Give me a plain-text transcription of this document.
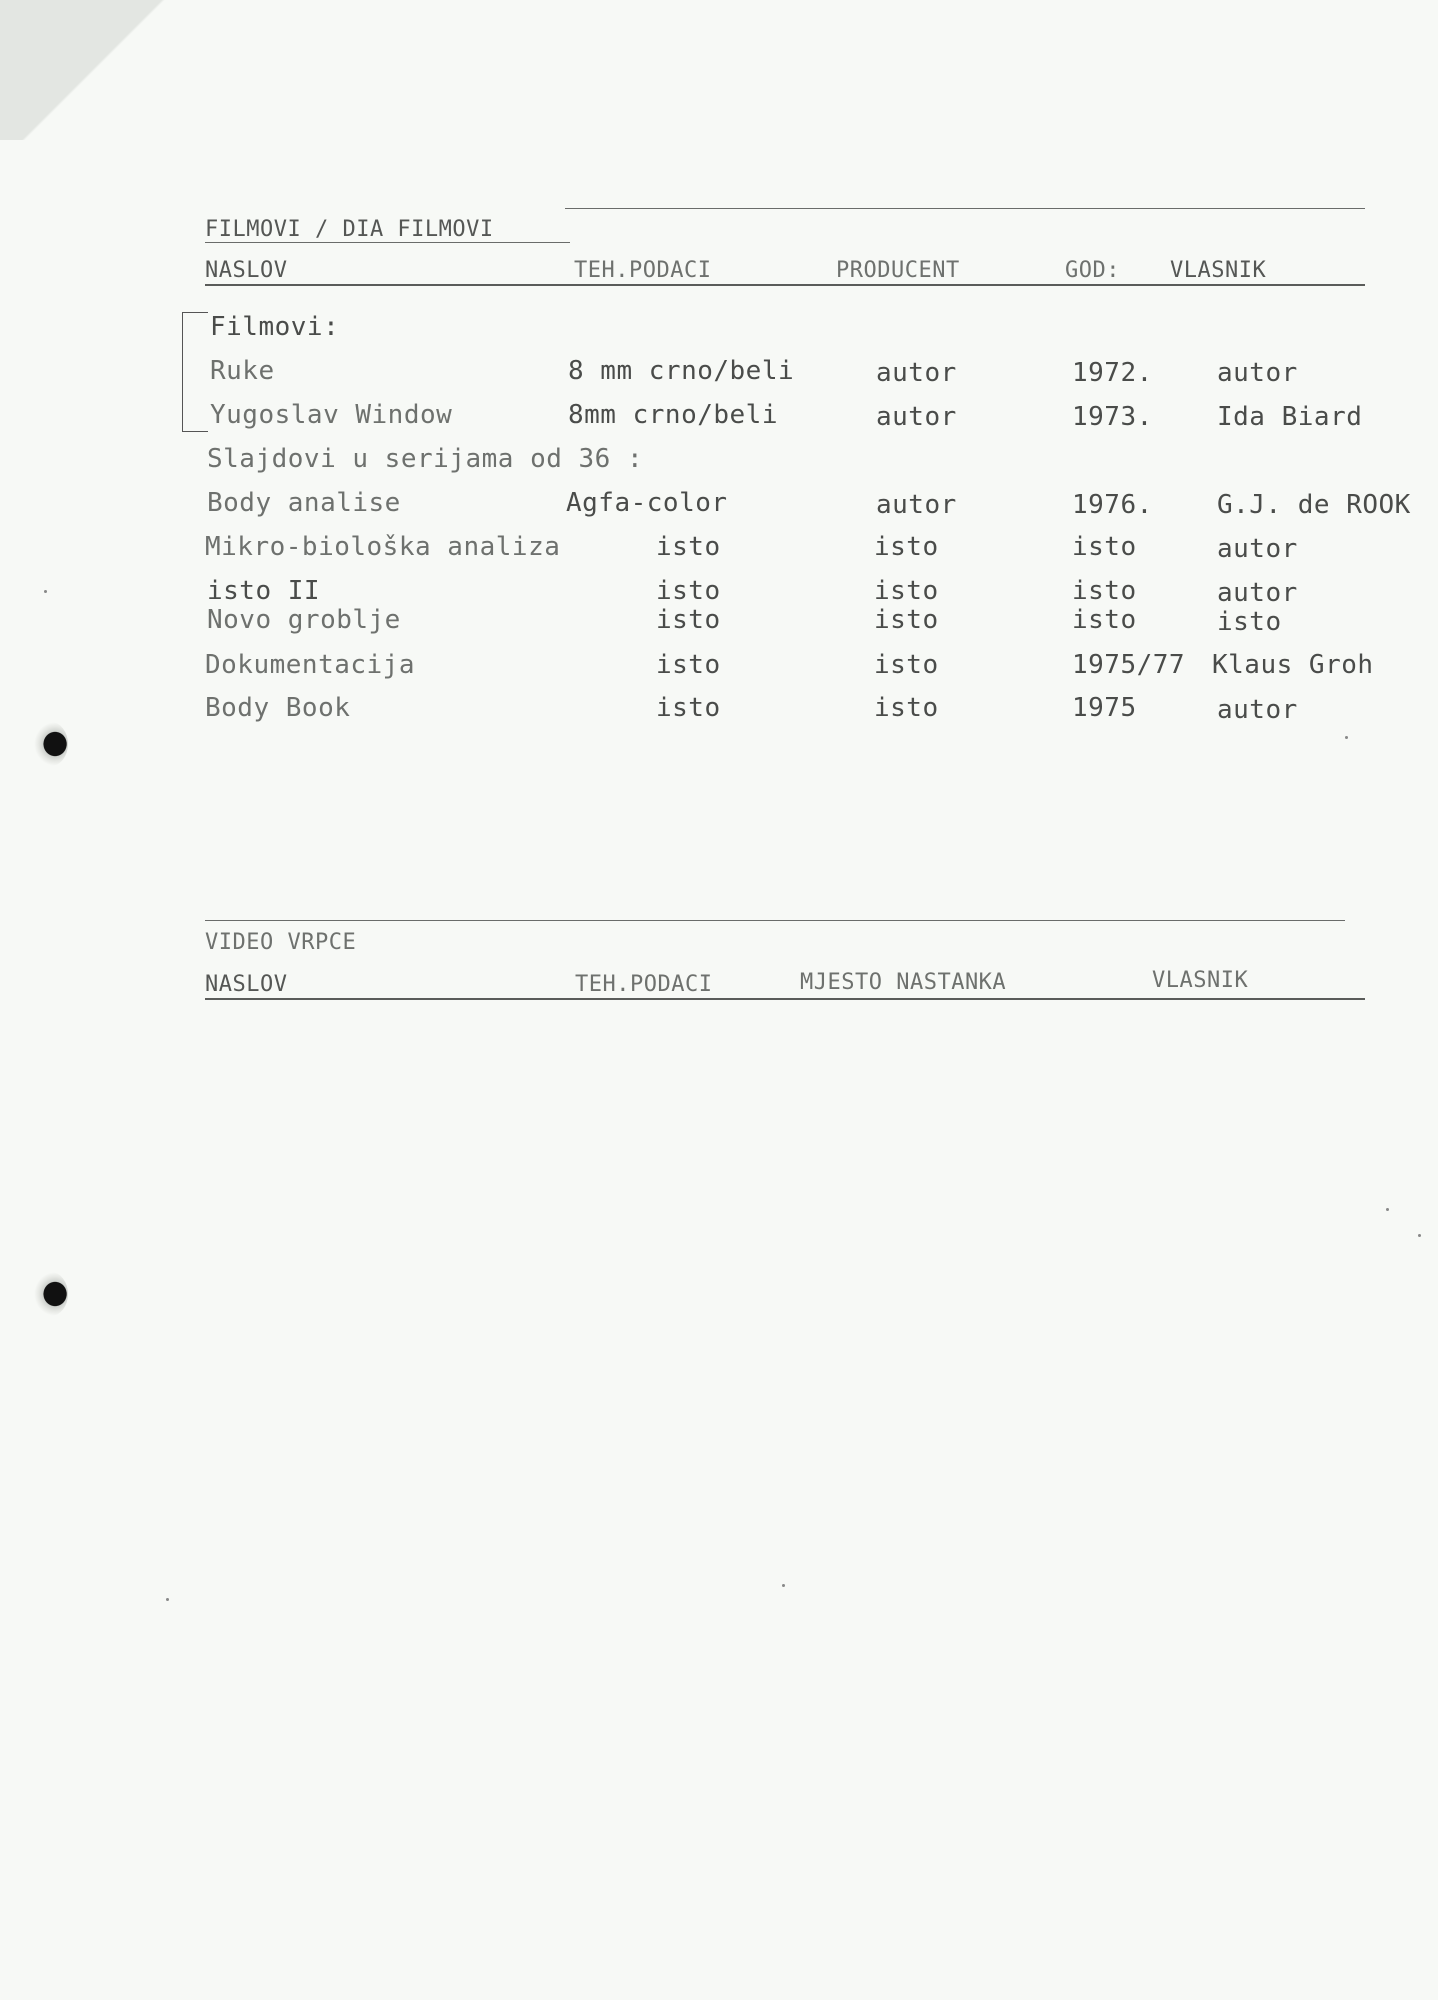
FILMOVI / DIA FILMOVI
NASLOV	TEH.PODACI	PRODUCENT	GOD: VLASNIK
Filmovi:
Ruke	8 mm crno/beli	autor	1972. autor
Yugoslav Window	8mm crno/beli	autor	1973. Ida Biard
Slajdovi u serijama od 36 :
Body analise	Agfa-color	autor	1976. G.J. de ROOK
Mikro-biološka analiza	isto	isto	isto	autor
isto II	isto	isto	isto	autor
Novo groblje	isto	isto	isto	isto
Dokumentacija	isto	isto	1975/77 Klaus Groh
Body Book	isto	isto	1975	autor
VIDEO VRPCE
NASLOV	TEH.PODACI	MJESTO NASTANKA	VLASNIK
